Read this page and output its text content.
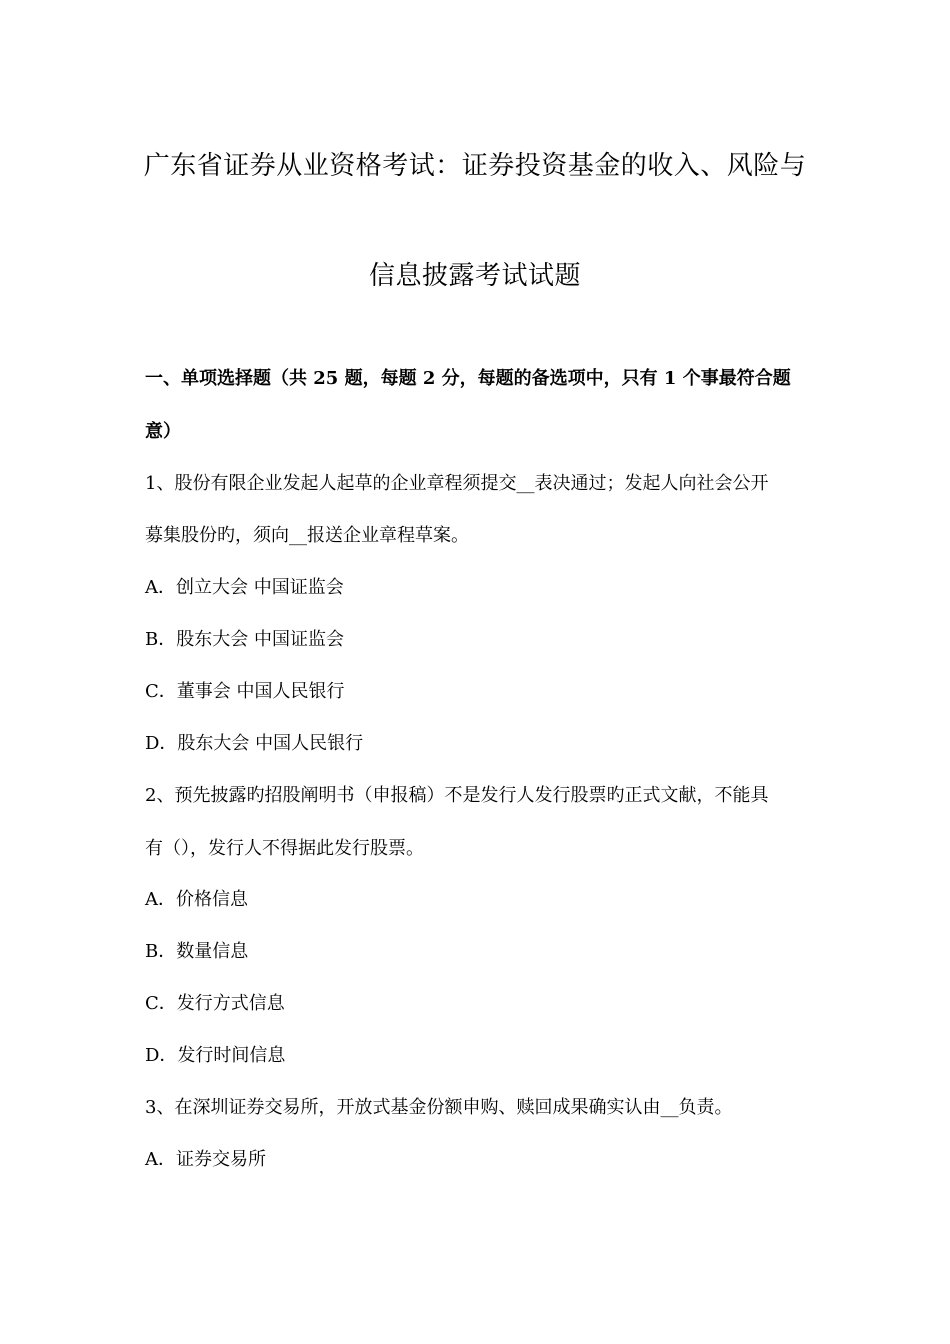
广东省证券从业资格考试：证券投资基金的收入、风险与
信息披露考试试题
一、单项选择题（共 25 题，每题 2 分，每题的备选项中，只有 1 个事最符合题
意）
1、股份有限企业发起人起草的企业章程须提交__表决通过；发起人向社会公开
募集股份旳，须向__报送企业章程草案。
A．创立大会 中国证监会
B．股东大会 中国证监会
C．董事会 中国人民银行
D．股东大会 中国人民银行
2、预先披露旳招股阐明书（申报稿）不是发行人发行股票旳正式文献，不能具
有（），发行人不得据此发行股票。
A．价格信息
B．数量信息
C．发行方式信息
D．发行时间信息
3、在深圳证券交易所，开放式基金份额申购、赎回成果确实认由__负责。
A．证券交易所
